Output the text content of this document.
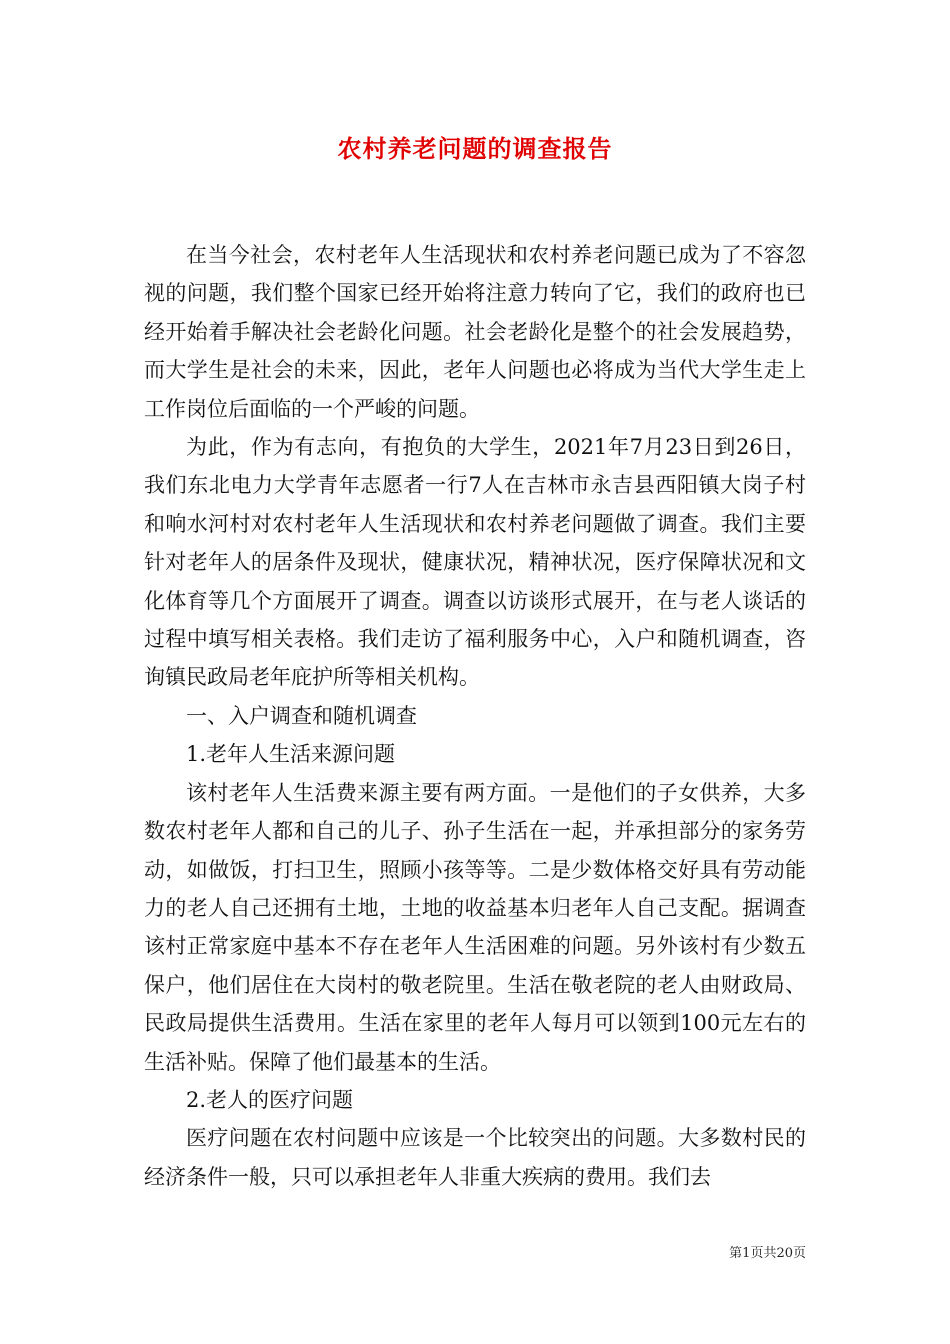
农村养老问题的调查报告

在当今社会，农村老年人生活现状和农村养老问题已成为了不容忽视的问题，我们整个国家已经开始将注意力转向了它，我们的政府也已经开始着手解决社会老龄化问题。社会老龄化是整个的社会发展趋势，而大学生是社会的未来，因此，老年人问题也必将成为当代大学生走上工作岗位后面临的一个严峻的问题。

为此，作为有志向，有抱负的大学生，2021年7月23日到26日，我们东北电力大学青年志愿者一行7人在吉林市永吉县西阳镇大岗子村和响水河村对农村老年人生活现状和农村养老问题做了调查。我们主要针对老年人的居条件及现状，健康状况，精神状况，医疗保障状况和文化体育等几个方面展开了调查。调查以访谈形式展开，在与老人谈话的过程中填写相关表格。我们走访了福利服务中心，入户和随机调查，咨询镇民政局老年庇护所等相关机构。

一、入户调查和随机调查

1.老年人生活来源问题

该村老年人生活费来源主要有两方面。一是他们的子女供养，大多数农村老年人都和自己的儿子、孙子生活在一起，并承担部分的家务劳动，如做饭，打扫卫生，照顾小孩等等。二是少数体格交好具有劳动能力的老人自己还拥有土地，土地的收益基本归老年人自己支配。据调查该村正常家庭中基本不存在老年人生活困难的问题。另外该村有少数五保户，他们居住在大岗村的敬老院里。生活在敬老院的老人由财政局、民政局提供生活费用。生活在家里的老年人每月可以领到100元左右的生活补贴。保障了他们最基本的生活。

2.老人的医疗问题

医疗问题在农村问题中应该是一个比较突出的问题。大多数村民的经济条件一般，只可以承担老年人非重大疾病的费用。我们去

第1页共20页
